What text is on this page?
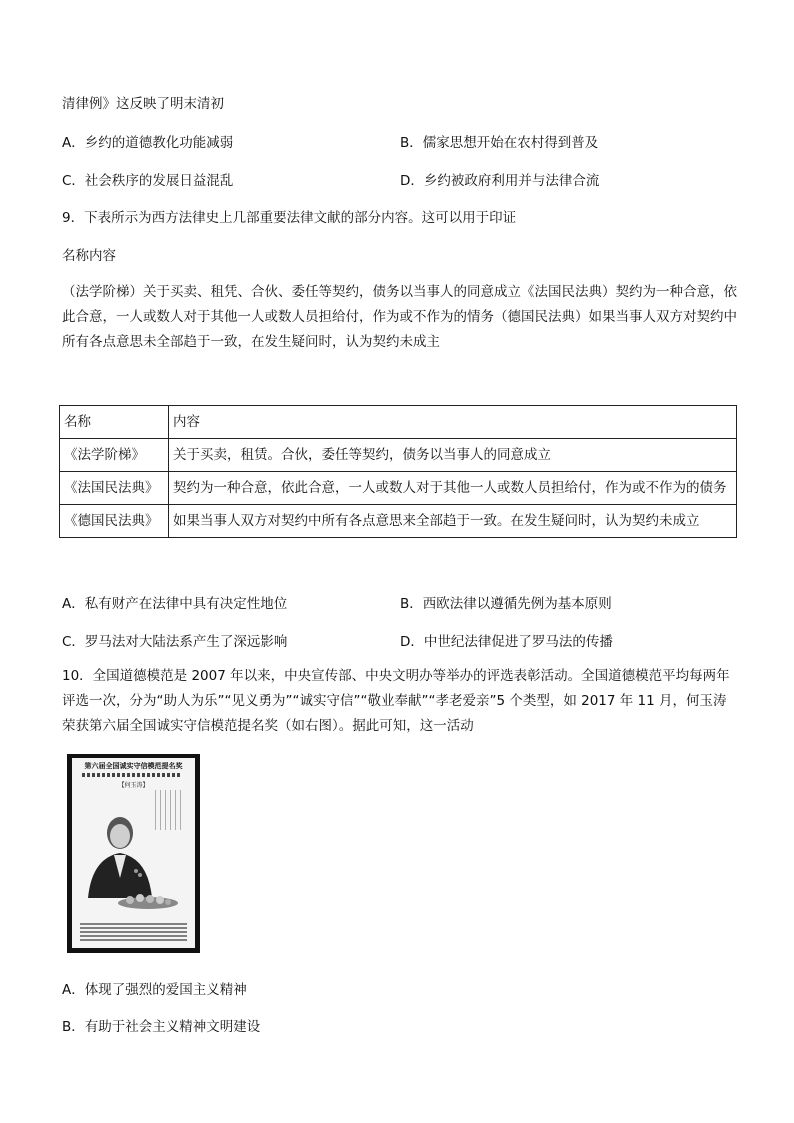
清律例》这反映了明末清初
A．乡约的道德教化功能减弱	B．儒家思想开始在农村得到普及
C．社会秩序的发展日益混乱	D．乡约被政府利用并与法律合流
9．下表所示为西方法律史上几部重要法律文献的部分内容。这可以用于印证
名称内容
（法学阶梯）关于买卖、租凭、合伙、委任等契约，债务以当事人的同意成立《法国民法典）契约为一种合意，依此合意，一人或数人对于其他一人或数人员担给付，作为或不作为的情务（德国民法典）如果当事人双方对契约中所有各点意思未全部趋于一致，在发生疑问时，认为契约未成主
名称	内容
《法学阶梯》	关于买卖，租赁。合伙，委任等契约，债务以当事人的同意成立
《法国民法典》	契约为一种合意，依此合意，一人或数人对于其他一人或数人员担给付，作为或不作为的债务
《德国民法典》	如果当事人双方对契约中所有各点意思来全部趋于一致。在发生疑问时，认为契约未成立
A．私有财产在法律中具有决定性地位	B．西欧法律以遵循先例为基本原则
C．罗马法对大陆法系产生了深远影响	D．中世纪法律促进了罗马法的传播
10．全国道德模范是 2007 年以来，中央宣传部、中央文明办等举办的评选表彰活动。全国道德模范平均每两年评选一次，分为“助人为乐”“见义勇为”“诚实守信”“敬业奉献”“孝老爱亲”5 个类型，如 2017 年 11 月，何玉涛荣获第六届全国诚实守信模范提名奖（如右图）。据此可知，这一活动
第六届全国诚实守信模范提名奖
【何玉涛】
A．体现了强烈的爱国主义精神
B．有助于社会主义精神文明建设
